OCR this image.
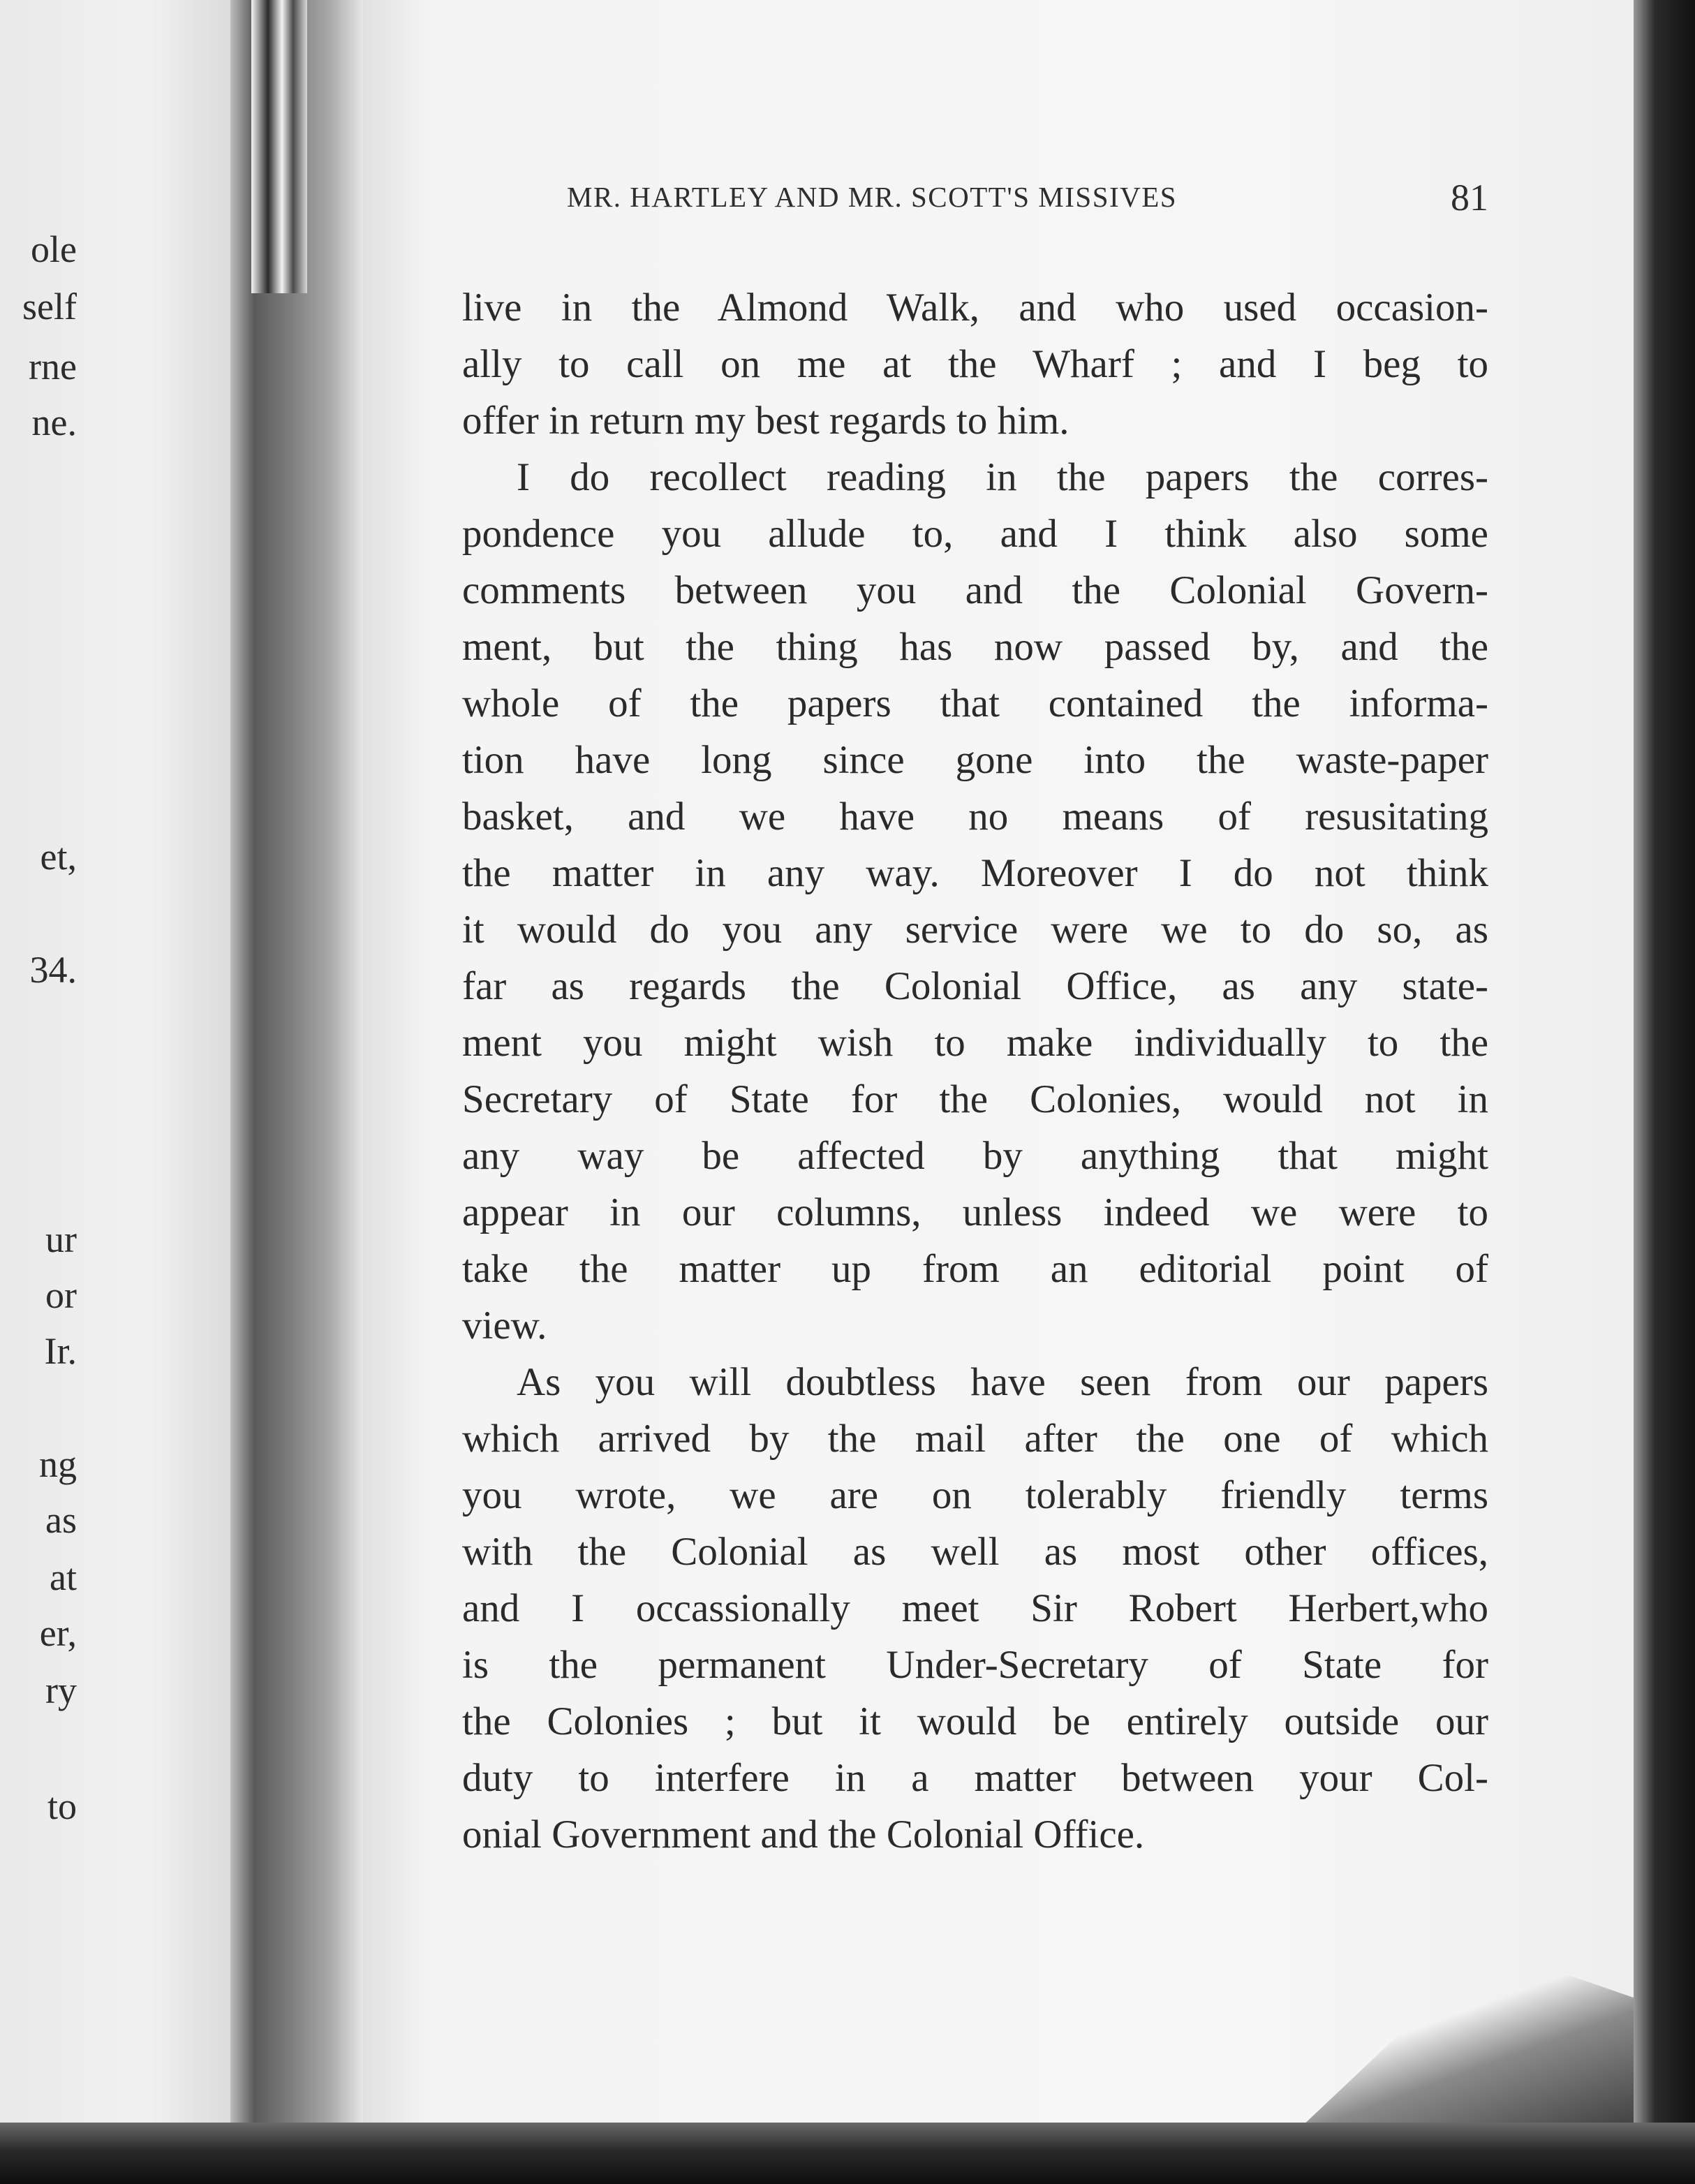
ole
self
rne
ne.
et,
34.
ur
or
Ir.
ng
as
at
er,
ry
to
MR. HARTLEY AND MR. SCOTT'S MISSIVES	81
live in the Almond Walk, and who used occasion-
ally to call on me at the Wharf ; and I beg to
offer in return my best regards to him.
I do recollect reading in the papers the corres-
pondence you allude to, and I think also some
comments between you and the Colonial Govern-
ment, but the thing has now passed by, and the
whole of the papers that contained the informa-
tion have long since gone into the waste-paper
basket, and we have no means of resusitating
the matter in any way. Moreover I do not think
it would do you any service were we to do so, as
far as regards the Colonial Office, as any state-
ment you might wish to make individually to the
Secretary of State for the Colonies, would not in
any way be affected by anything that might
appear in our columns, unless indeed we were to
take the matter up from an editorial point of
view.
As you will doubtless have seen from our papers
which arrived by the mail after the one of which
you wrote, we are on tolerably friendly terms
with the Colonial as well as most other offices,
and I occassionally meet Sir Robert Herbert,who
is the permanent Under-Secretary of State for
the Colonies ; but it would be entirely outside our
duty to interfere in a matter between your Col-
onial Government and the Colonial Office.
